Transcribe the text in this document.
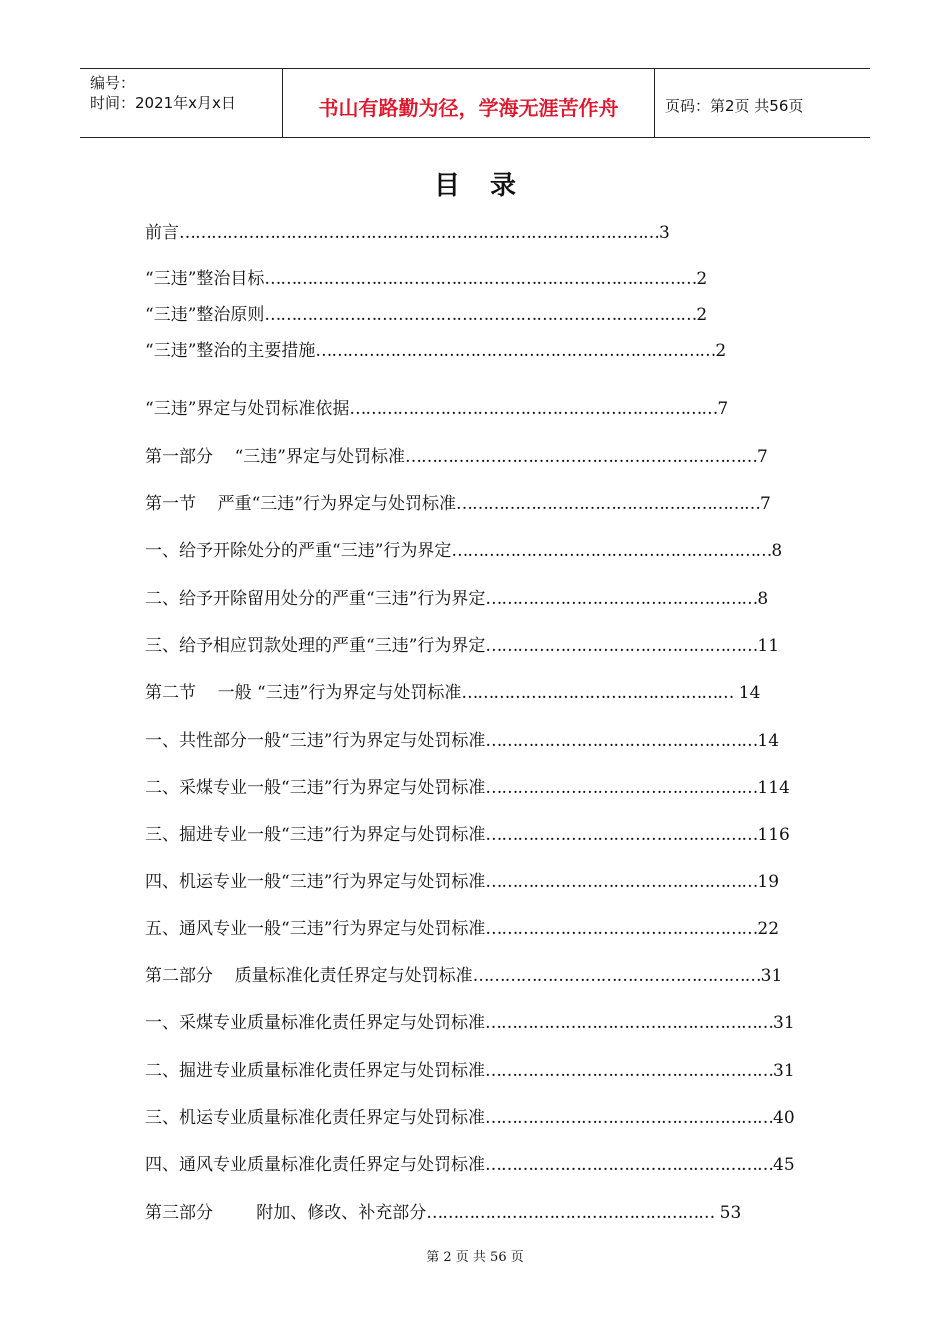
编号：
时间：2021年x月x日	书山有路勤为径，学海无涯苦作舟	页码：第2页 共56页
目录
前言………………………………………………………………………………3
“三违”整治目标………………………………………………………………………2
“三违”整治原则………………………………………………………………………2
“三违”整治的主要措施…………………………………………………………………2
“三违”界定与处罚标准依据……………………………………………………………7
第一部分    “三违”界定与处罚标准…………………………………………………………7
第一节    严重“三违”行为界定与处罚标准…………………………………………………7
一、给予开除处分的严重“三违”行为界定……………………………………………………8
二、给予开除留用处分的严重“三违”行为界定……………………………………………8
三、给予相应罚款处理的严重“三违”行为界定……………………………………………11
第二节    一般 “三违”行为界定与处罚标准…………………………………………… 14
一、共性部分一般“三违”行为界定与处罚标准……………………………………………14
二、采煤专业一般“三违”行为界定与处罚标准……………………………………………114
三、掘进专业一般“三违”行为界定与处罚标准……………………………………………116
四、机运专业一般“三违”行为界定与处罚标准……………………………………………19
五、通风专业一般“三违”行为界定与处罚标准……………………………………………22
第二部分    质量标准化责任界定与处罚标准………………………………………………31
一、采煤专业质量标准化责任界定与处罚标准………………………………………………31
二、掘进专业质量标准化责任界定与处罚标准………………………………………………31
三、机运专业质量标准化责任界定与处罚标准………………………………………………40
四、通风专业质量标准化责任界定与处罚标准………………………………………………45
第三部分        附加、修改、补充部分……………………………………………… 53
第 2 页 共 56 页
